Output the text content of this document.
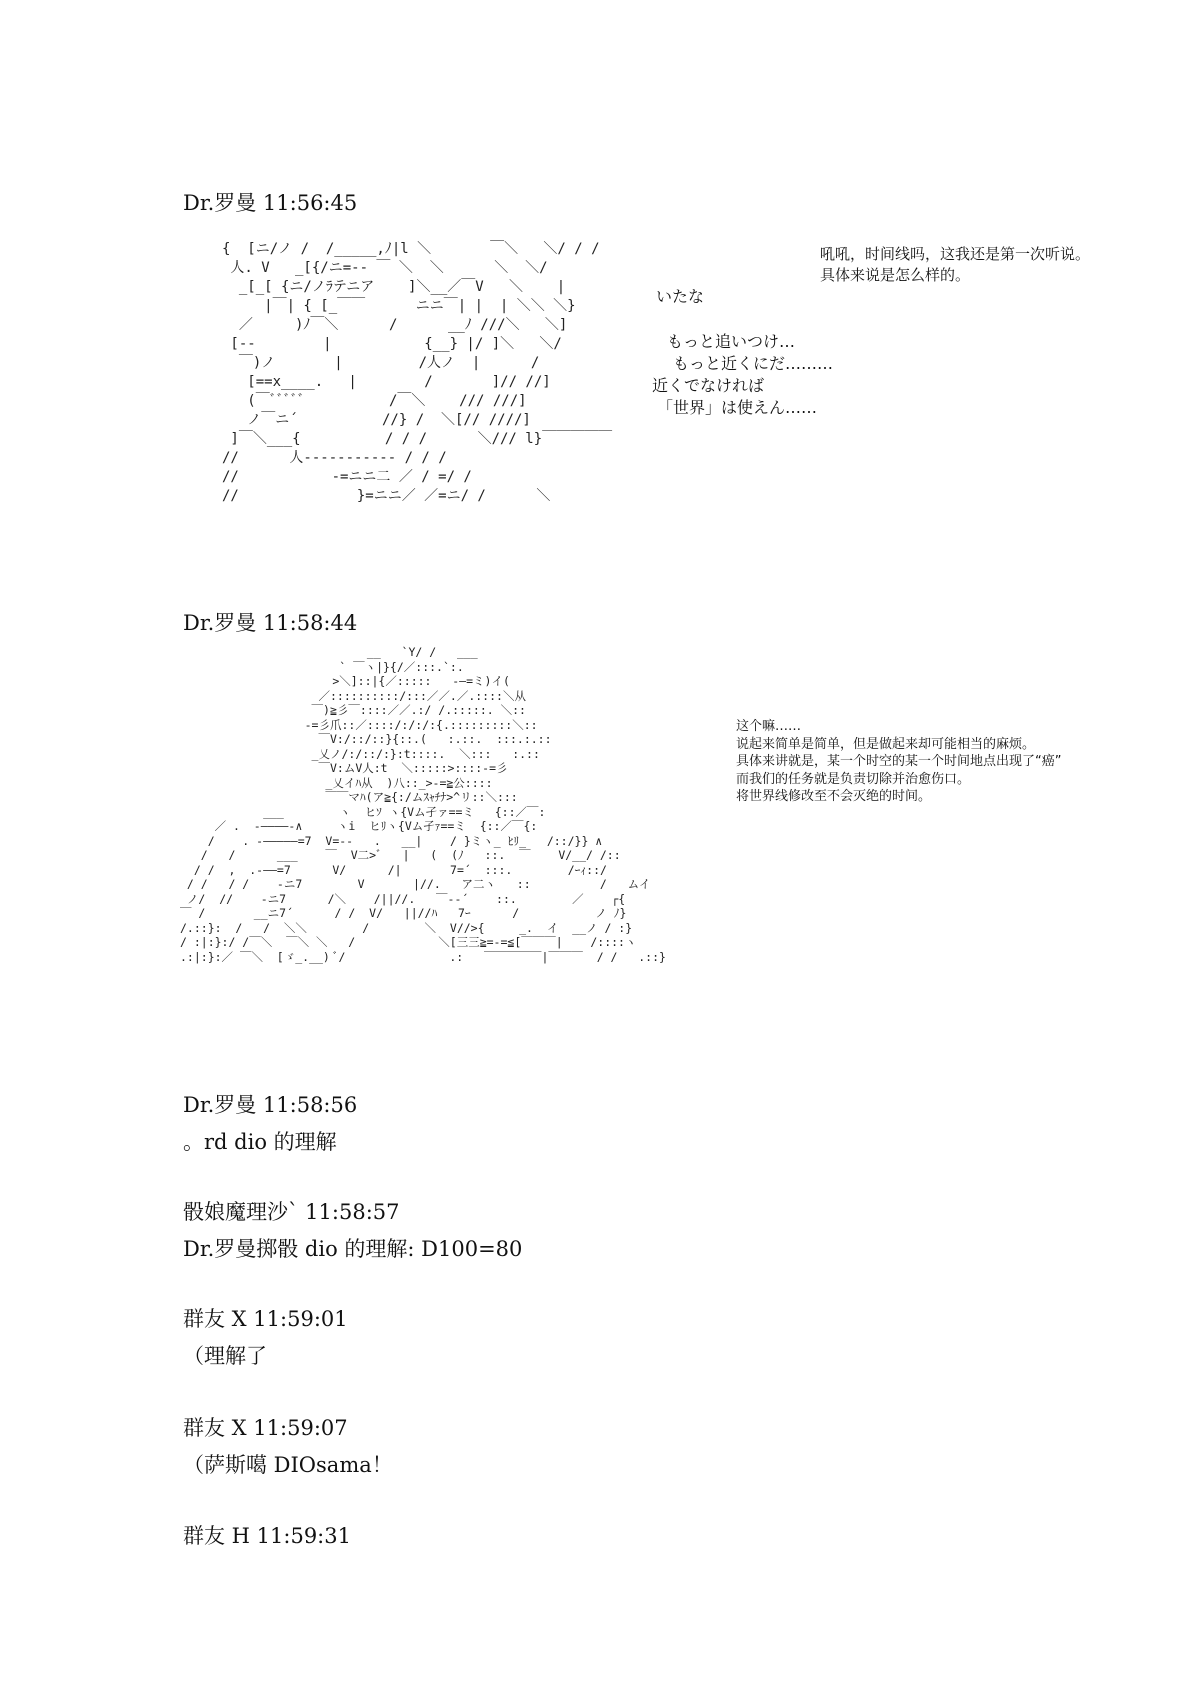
Dr.罗曼 11:56:45
{  [ニ/ノ /  /_____,ﾉ|l ＼       ￣＼   ＼/ / /
人. V   _[{/ニ=-- ￣ ＼  ＼      ＼  ＼/
_[_[ {ニ/ノﾗテニア    ]＼__／￣V   ＼    |
|￣| { [_￣￣      ニニ￣| |  | ＼＼ ＼}
／     )ﾉ￣＼      /      __ﾉ ///＼   ＼]
[--        |           {__} |/ ]＼   ＼/
￣)ノ       |         /人ノ  |      /
[==x____.   |        /       ]// //]
(￣ﾞﾞﾞﾞﾞ          /￣＼    /// ///]
ノ￣ニ´          //} /  ＼[// ////]
]￣＼___{          / / /      ＼/// l}￣￣￣￣￣
//      人----------- / / /
//           -=ニニ二 ／ / =/ /
//              }=ニニ／ ／=ニ/ /      ＼
いたな
もっと追いつけ…
もっと近くにだ………
近くでなければ
「世界」は使えん……
吼吼，时间线吗，这我还是第一次听说。
具体来说是怎么样的。
Dr.罗曼 11:58:44
__   `Y/ /   ___
` ￣ヽ|}{/／:::.`:.
>＼]::|{／:::::   -―=ミ)イ(
／::::::::::/:::／／.／.::::＼从
￣)≧彡￣::::／／.:/ /.:::::. ＼::
-=彡爪::／::::/:/:/:{.:::::::::＼::
￣V:/::/::}{::.(   :.::.  :::.:.::
_乂ノ/:/::/:}:t::::.  ＼:::   :.::
￣V:ムV人:t  ＼:::::>::::-=彡
_乂イﾊ从  )八::_>-=≧公::::
￣￣マﾊ(ア≧{:/ムｽｬﾁﾅ>^リ::＼:::
___        ヽ  ヒｿ ヽ{Vム孑ァ==ミ   {::／￣:
／ .  -――――-∧     ヽi  ヒﾘヽ{Vム孑ｧ==ミ  {::／￣{:
/    . -―――――=7  V=--   .   __|    / }ミヽ_ ﾋﾘ_   /::/}} ∧
/   /      ___    ￣  V二>ﾞ   |   (  (ﾉ   ::.  ￣    V/__/ /::
/ /  ,  .-――=7      V/      /|       7=´  :::.        /ｰｨ::/
/ /   / /    -ニ7        V       |//.   ア二ヽ   ::          /   ムイ
ノ/  //    -ニ7      /＼    /||//.   ￣‐‐´    ::.        ／    ┌{
￣ /       __ニ7´      / /  V/   ||//ﾊ   7ｰ      /           ノ ﾉ}
/.::}:  /   /  ＼＼        /        ＼  V//>{     _.  イ  __ノ / :}
/ :|:}:/ /￣＼  ￣＼ ＼   /            ＼[三三≧=-=≦[￣￣￣|    /::::ヽ
.:|:}:／ ￣＼  [ゞ_.__) ﾞ/               .:   ￣￣￣￣￣|￣￣￣  / /   .::}
这个嘛……
说起来简单是简单，但是做起来却可能相当的麻烦。
具体来讲就是，某一个时空的某一个时间地点出现了“癌”
而我们的任务就是负责切除并治愈伤口。
将世界线修改至不会灭绝的时间。
Dr.罗曼 11:58:56
。rd dio 的理解
骰娘魔理沙` 11:58:57
Dr.罗曼掷骰 dio 的理解: D100=80
群友 X 11:59:01
（理解了
群友 X 11:59:07
（萨斯噶 DIOsama！
群友 H 11:59:31
